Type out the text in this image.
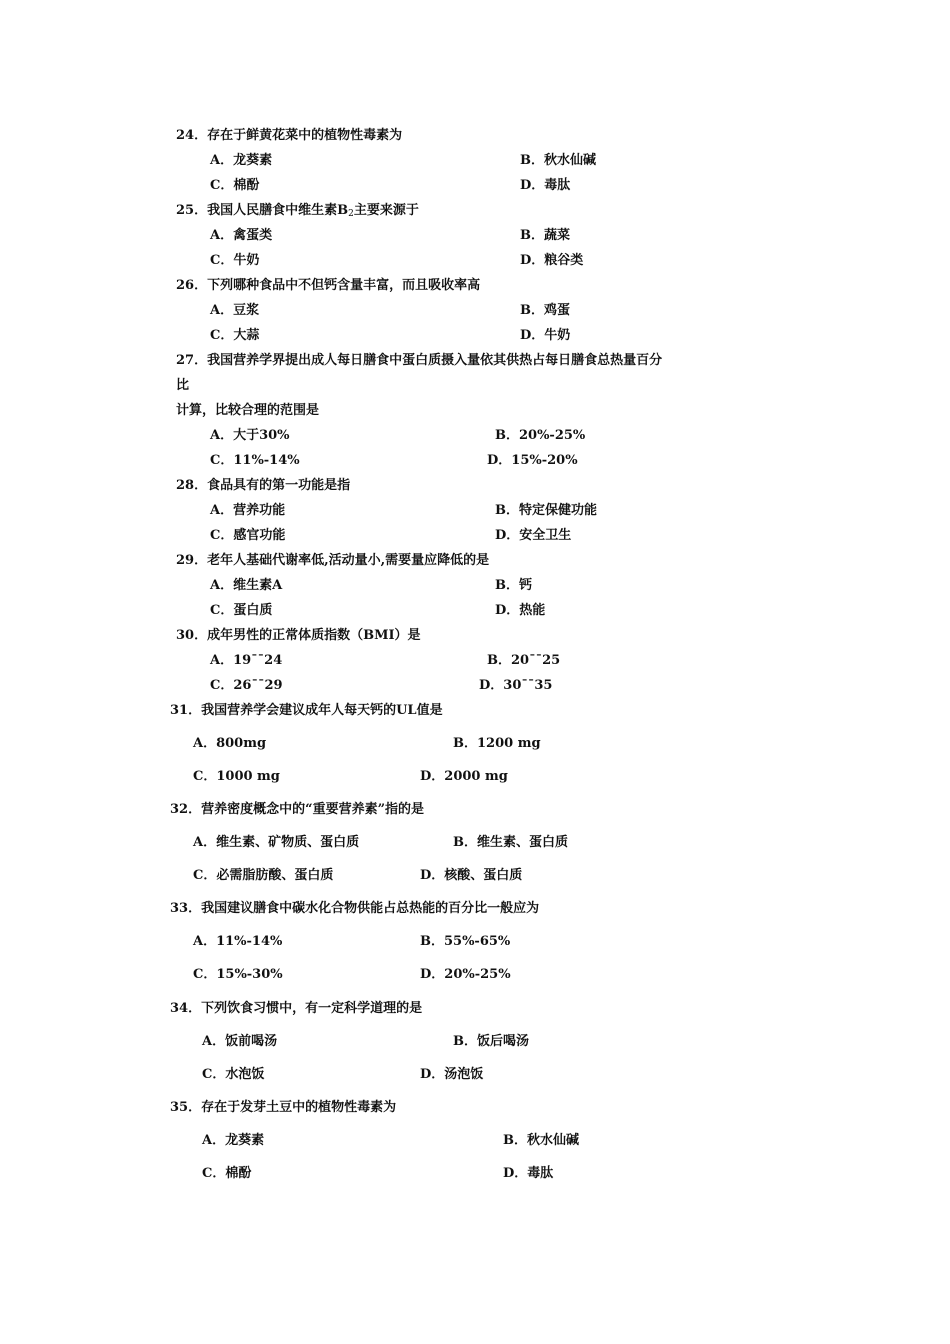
24．存在于鲜黄花菜中的植物性毒素为
A．龙葵素	B．秋水仙碱
C．棉酚	D．毒肽
25．我国人民膳食中维生素$B_2$主要来源于
A．禽蛋类	B．蔬菜
C．牛奶	D．粮谷类
26．下列哪种食品中不但钙含量丰富，而且吸收率高
A．豆浆	B．鸡蛋
C．大蒜	D．牛奶
27．我国营养学界提出成人每日膳食中蛋白质摄入量依其供热占每日膳食总热量百分
比
计算，比较合理的范围是
A．大于30%	B．20%-25%
C．11%-14%	D．15%-20%
28．食品具有的第一功能是指
A．营养功能	B．特定保健功能
C．感官功能	D．安全卫生
29．老年人基础代谢率低,活动量小,需要量应降低的是
A．维生素A	B．钙
C．蛋白质	D．热能
30．成年男性的正常体质指数（BMI）是
A．19¯¯24	B．20¯¯25
C．26¯¯29	D．30¯¯35
31．我国营养学会建议成年人每天钙的UL值是
A．800mg	B．1200 mg
C．1000 mg	D．2000 mg
32．营养密度概念中的“重要营养素”指的是
A．维生素、矿物质、蛋白质	B．维生素、蛋白质
C．必需脂肪酸、蛋白质	D．核酸、蛋白质
33．我国建议膳食中碳水化合物供能占总热能的百分比一般应为
A．11%-14%	B．55%-65%
C．15%-30%	D．20%-25%
34．下列饮食习惯中，有一定科学道理的是
A．饭前喝汤	B．饭后喝汤
C．水泡饭	D．汤泡饭
35．存在于发芽土豆中的植物性毒素为
A．龙葵素	B．秋水仙碱
C．棉酚	D．毒肽
